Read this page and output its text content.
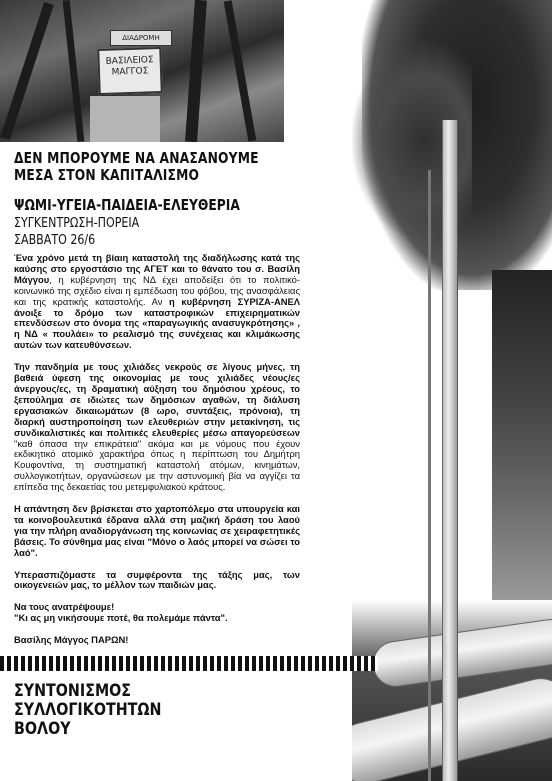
ΔΙΑΔΡΟΜΗ
ΒΑΣΙΛΕΙΟΣ
ΜΑΓΓΟΣ
ΔΕΝ ΜΠΟΡΟΥΜΕ ΝΑ ΑΝΑΣΑΝΟΥΜΕ
ΜΕΣΑ ΣΤΟΝ ΚΑΠΙΤΑΛΙΣΜΟ
ΨΩΜΙ-ΥΓΕΙΑ-ΠΑΙΔΕΙΑ-ΕΛΕΥΘΕΡΙΑ
ΣΥΓΚΕΝΤΡΩΣΗ-ΠΟΡΕΙΑ
ΣΑΒΒΑΤΟ 26/6

Ένα χρόνο μετά τη βίαιη καταστολή της διαδήλωσης κατά της καύσης στο εργοστάσιο της ΑΓΕΤ και το θάνατο του σ. Βασίλη Μάγγου, η κυβέρνηση της ΝΔ έχει αποδείξει ότι το πολιτικό-κοινωνικό της σχέδιο είναι η εμπέδωση του φόβου, της ανασφάλειας και της κρατικής καταστολής. Αν η κυβέρνηση ΣΥΡΙΖΑ-ΑΝΕΛ άνοιξε το δρόμο των καταστροφικών επιχειρηματικών επενδύσεων στο όνομα της «παραγωγικής ανασυγκρότησης» , η ΝΔ « πουλάει» το ρεαλισμό της συνέχειας και κλιμάκωσης αυτών των κατευθύνσεων.

Την πανδημία με τους χιλιάδες νεκρούς σε λίγους μήνες, τη βαθειά ύφεση της οικονομίας με τους χιλιάδες νέους/ες άνεργους/ες, τη δραματική αύξηση του δημόσιου χρέους, το ξεπούλημα σε ιδιώτες των δημόσιων αγαθών, τη διάλυση εργασιακών δικαιωμάτων (8 ωρο, συντάξεις, πρόνοια), τη διαρκή αυστηροποίηση των ελευθεριών στην μετακίνηση, τις συνδικαλιστικές και πολιτικές ελευθερίες μέσω απαγορεύσεων "καθ όπασα την επικράτεια" ακόμα και με νόμους που έχουν εκδικητικό ατομικό χαρακτήρα όπως η περίπτωση του Δημήτρη Κουφοντίνα, τη συστηματική καταστολή ατόμων, κινημάτων, συλλογικοτήτων, οργανώσεων με την αστυνομική βία να αγγίζει τα επίπεδα της δεκαετίας του μετεμφυλιακού κράτους.

Η απάντηση δεν βρίσκεται στο χαρτοπόλεμο στα υπουργεία και τα κοινοβουλευτικά έδρανα αλλά στη μαζική δράση του λαού για την πλήρη αναδιοργάνωση της κοινωνίας σε χειραφετητικές βάσεις. Το σύνθημα μας είναι "Μόνο ο λαός μπορεί να σώσει το λαό".

Υπερασπιζόμαστε τα συμφέροντα της τάξης μας, των οικογενειών μας, το μέλλον των παιδιών μας.

Να τους ανατρέψουμε!
"Κι ας μη νικήσουμε ποτέ, θα πολεμάμε πάντα".

Βασίλης Μάγγος ΠΑΡΩΝ!

ΣΥΝΤΟΝΙΣΜΟΣ
ΣΥΛΛΟΓΙΚΟΤΗΤΩΝ
ΒΟΛΟΥ
